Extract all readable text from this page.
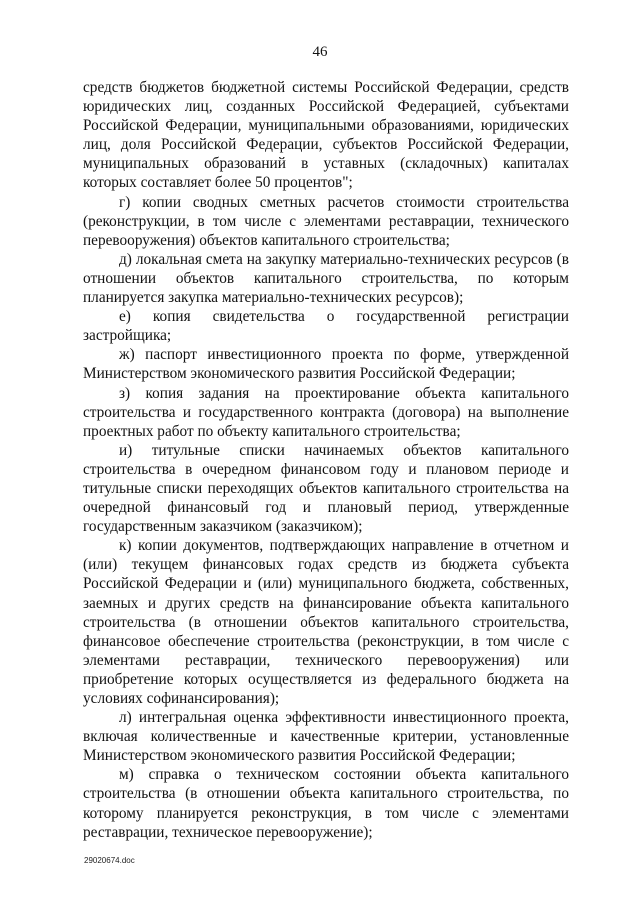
46

средств бюджетов бюджетной системы Российской Федерации, средств юридических лиц, созданных Российской Федерацией, субъектами Российской Федерации, муниципальными образованиями, юридических лиц, доля Российской Федерации, субъектов Российской Федерации, муниципальных образований в уставных (складочных) капиталах которых составляет более 50 процентов";

г) копии сводных сметных расчетов стоимости строительства (реконструкции, в том числе с элементами реставрации, технического перевооружения) объектов капитального строительства;

д) локальная смета на закупку материально-технических ресурсов (в отношении объектов капитального строительства, по которым планируется закупка материально-технических ресурсов);

е) копия свидетельства о государственной регистрации застройщика;

ж) паспорт инвестиционного проекта по форме, утвержденной Министерством экономического развития Российской Федерации;

з) копия задания на проектирование объекта капитального строительства и государственного контракта (договора) на выполнение проектных работ по объекту капитального строительства;

и) титульные списки начинаемых объектов капитального строительства в очередном финансовом году и плановом периоде и титульные списки переходящих объектов капитального строительства на очередной финансовый год и плановый период, утвержденные государственным заказчиком (заказчиком);

к) копии документов, подтверждающих направление в отчетном и (или) текущем финансовых годах средств из бюджета субъекта Российской Федерации и (или) муниципального бюджета, собственных, заемных и других средств на финансирование объекта капитального строительства (в отношении объектов капитального строительства, финансовое обеспечение строительства (реконструкции, в том числе с элементами реставрации, технического перевооружения) или приобретение которых осуществляется из федерального бюджета на условиях софинансирования);

л) интегральная оценка эффективности инвестиционного проекта, включая количественные и качественные критерии, установленные Министерством экономического развития Российской Федерации;

м) справка о техническом состоянии объекта капитального строительства (в отношении объекта капитального строительства, по которому планируется реконструкция, в том числе с элементами реставрации, техническое перевооружение);

29020674.doc
